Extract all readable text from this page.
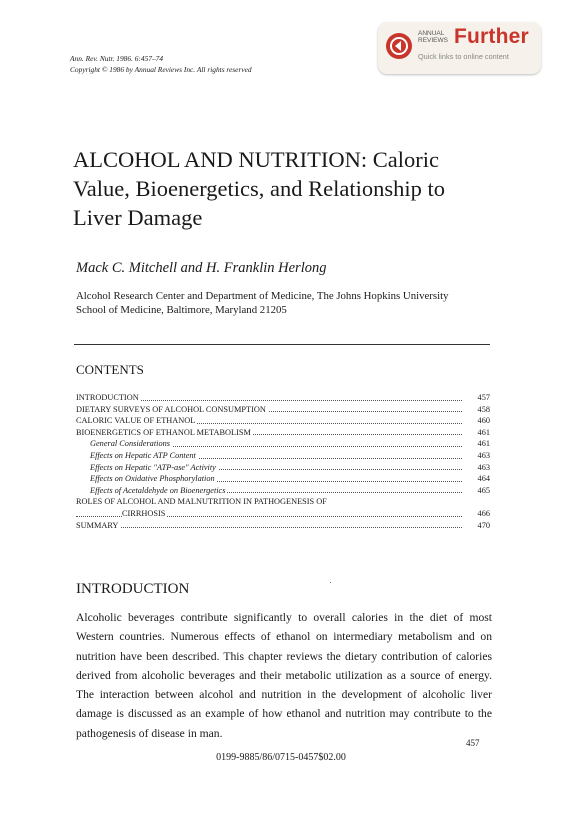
Ann. Rev. Nutr. 1986. 6:457–74
Copyright © 1986 by Annual Reviews Inc. All rights reserved
ANNUAL
REVIEWS Further
Quick links to online content
ALCOHOL AND NUTRITION: Caloric
Value, Bioenergetics, and Relationship to
Liver Damage
Mack C. Mitchell and H. Franklin Herlong
Alcohol Research Center and Department of Medicine, The Johns Hopkins University
School of Medicine, Baltimore, Maryland 21205
CONTENTS
INTRODUCTION	457
DIETARY SURVEYS OF ALCOHOL CONSUMPTION	458
CALORIC VALUE OF ETHANOL	460
BIOENERGETICS OF ETHANOL METABOLISM	461
General Considerations	461
Effects on Hepatic ATP Content	463
Effects on Hepatic "ATP-ase" Activity	463
Effects on Oxidative Phosphorylation	464
Effects of Acetaldehyde on Bioenergetics	465
ROLES OF ALCOHOL AND MALNUTRITION IN PATHOGENESIS OF
CIRRHOSIS	466
SUMMARY	470
INTRODUCTION

Alcoholic beverages contribute significantly to overall calories in the diet of most Western countries. Numerous effects of ethanol on intermediary metabolism and on nutrition have been described. This chapter reviews the dietary contribution of calories derived from alcoholic beverages and their metabolic utilization as a source of energy. The interaction between alcohol and nutrition in the development of alcoholic liver damage is discussed as an example of how ethanol and nutrition may contribute to the pathogenesis of disease in man.

457
0199-9885/86/0715-0457$02.00
